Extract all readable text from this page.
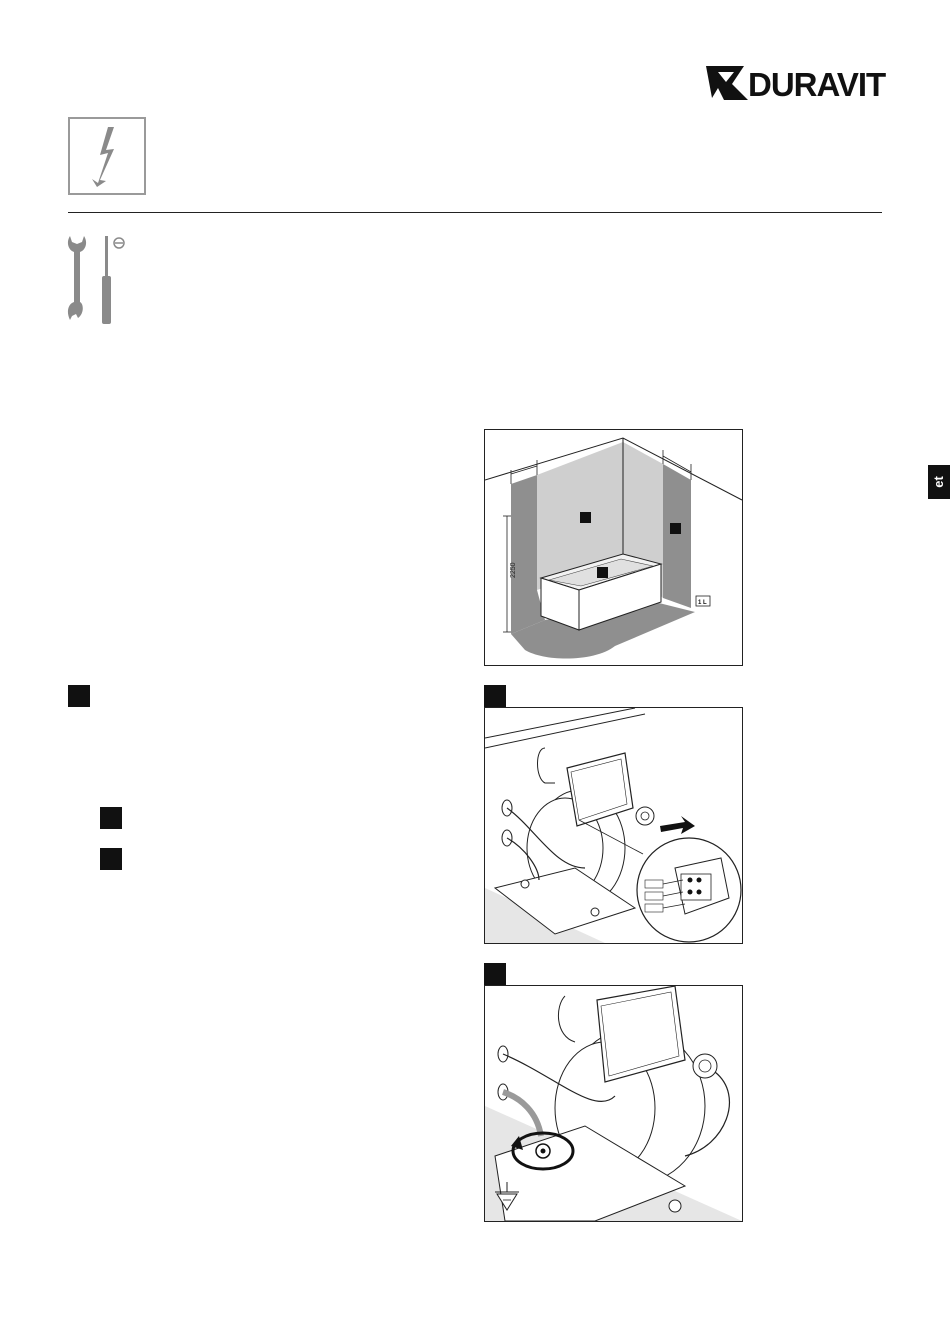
DURAVIT
et
2250
1 L
